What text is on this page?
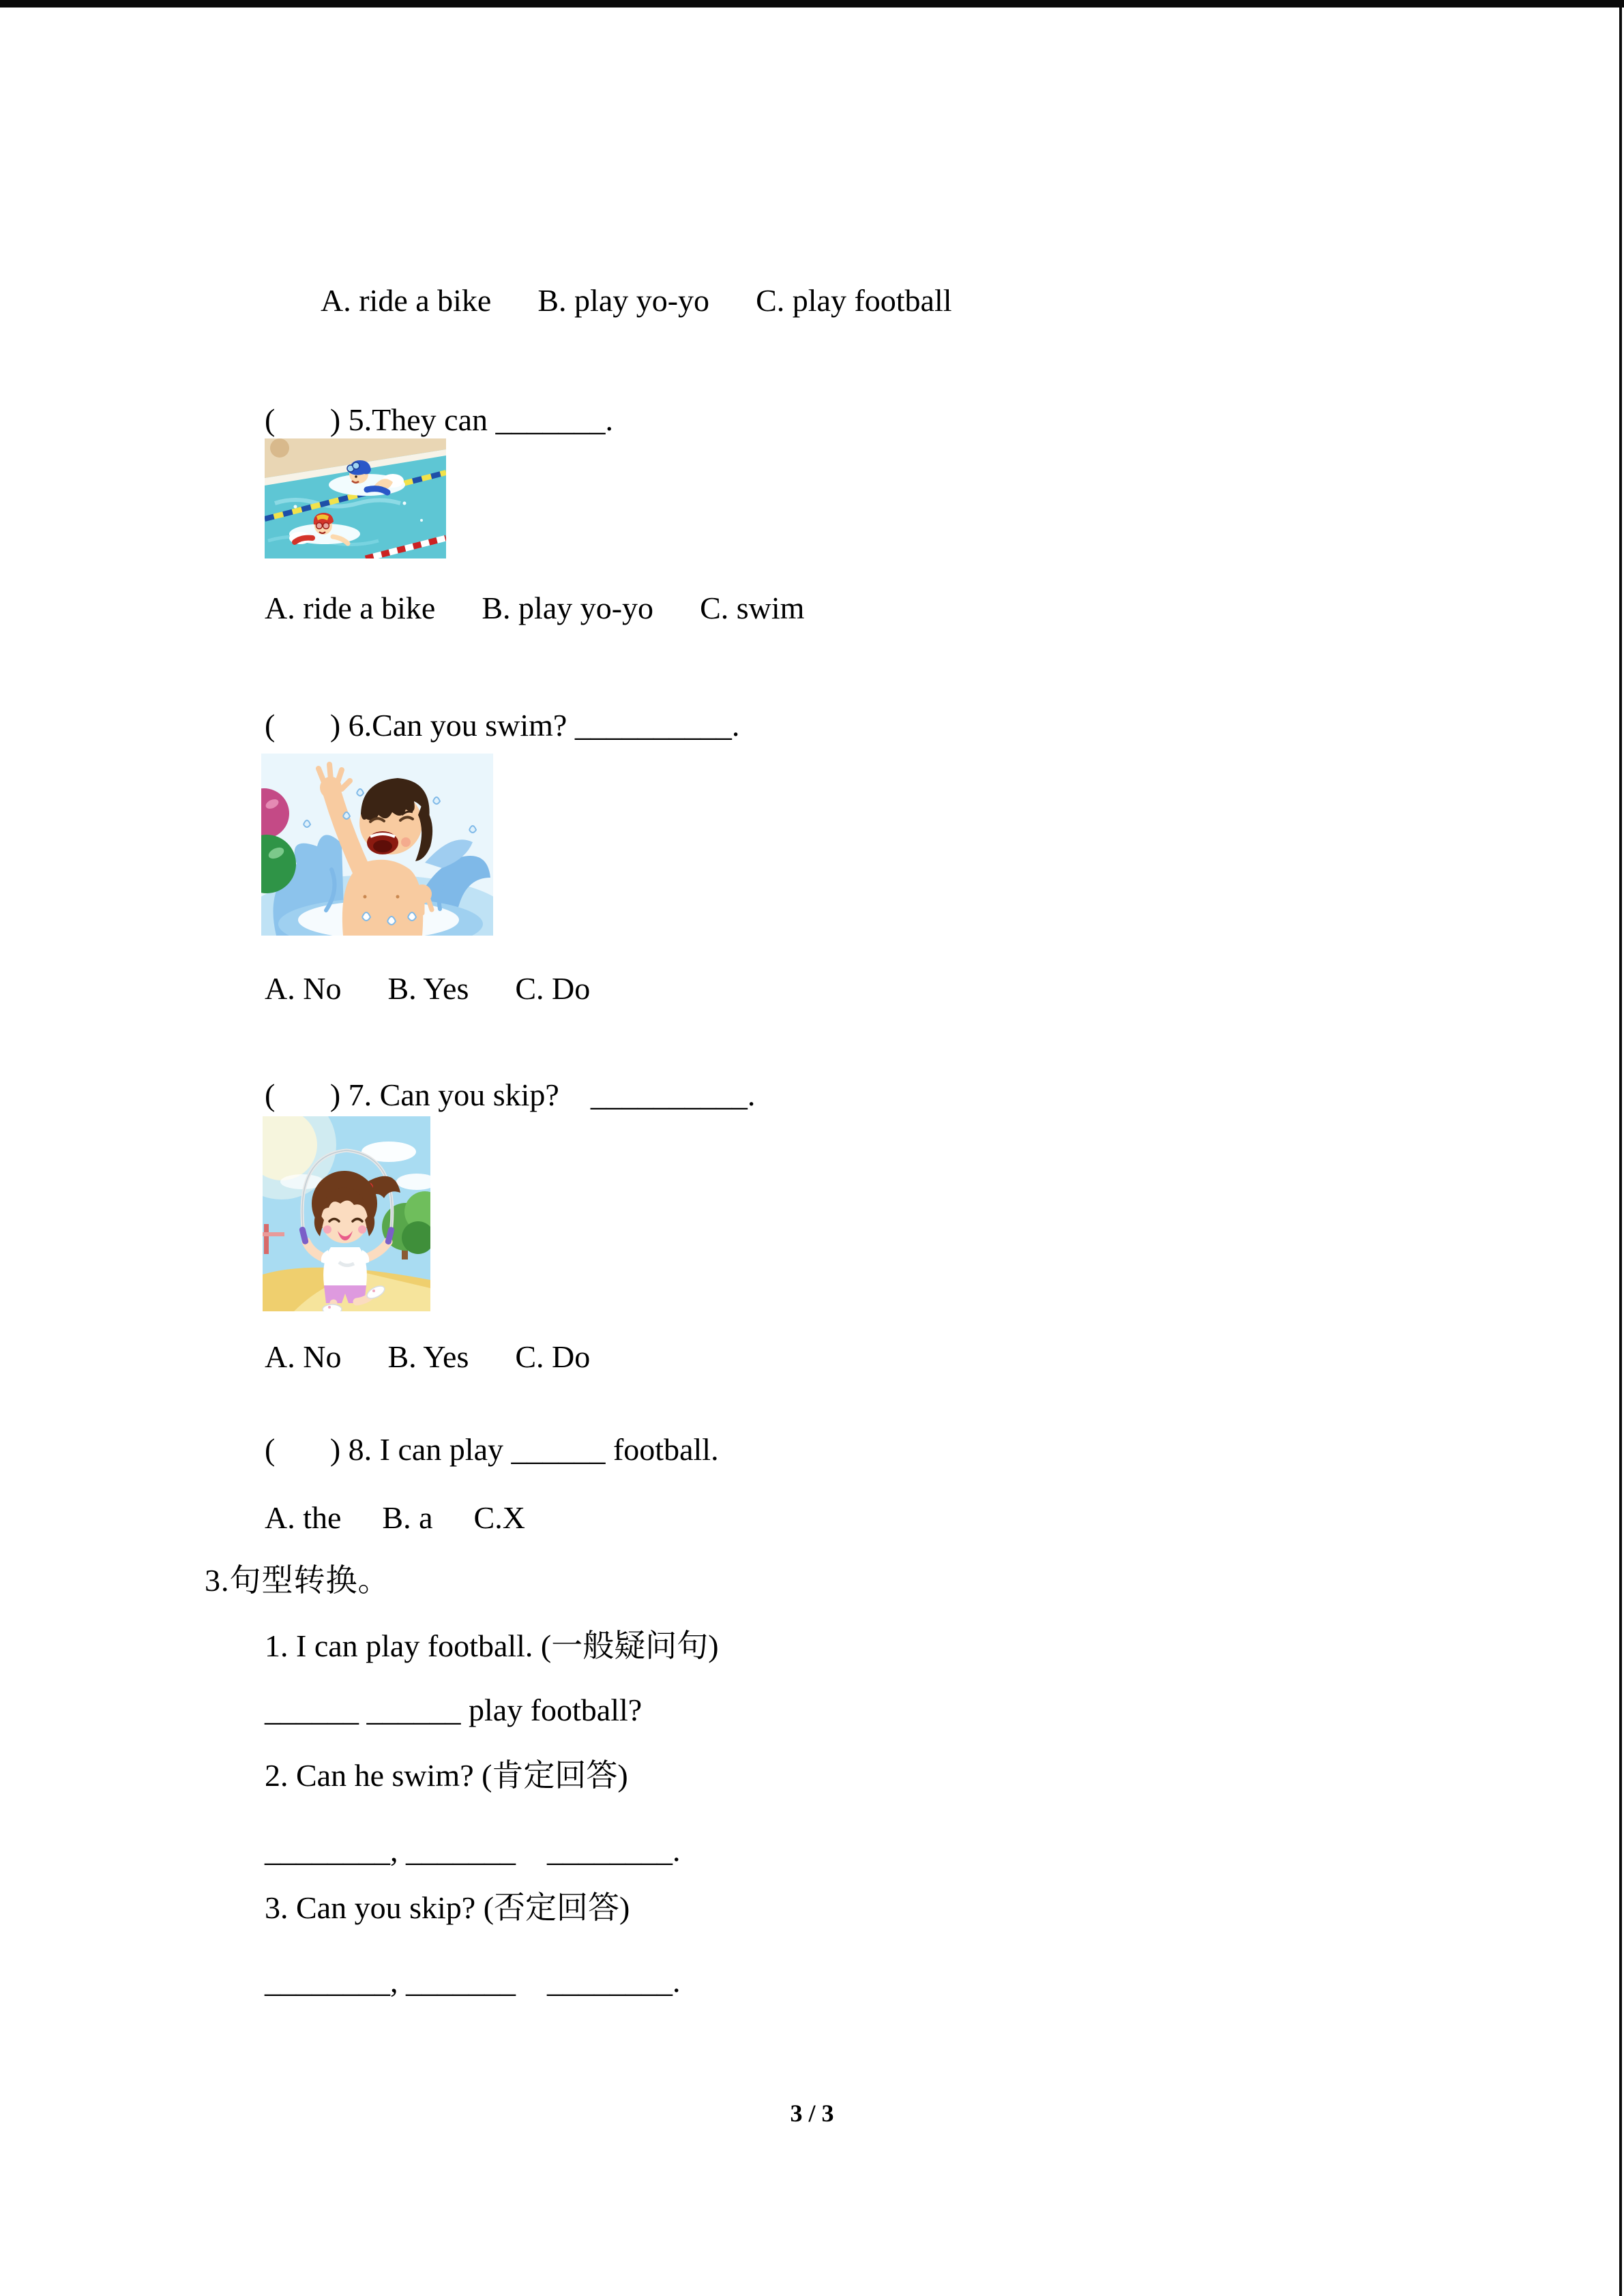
A. ride a bike B. play yo-yo C. play football
(       ) 5.They can _______.
A. ride a bike B. play yo-yo C. swim
(       ) 6.Can you swim? __________.
A. No B. Yes C. Do
(       ) 7. Can you skip?    __________.
A. No B. Yes C. Do
(       ) 8. I can play ______ football.
A. the B. a C.X
3.句型转换。
1. I can play football. (一般疑问句)
______ ______ play football?
2. Can he swim? (肯定回答)
________, _______    ________.
3. Can you skip? (否定回答)
________, _______    ________.
3 / 3
